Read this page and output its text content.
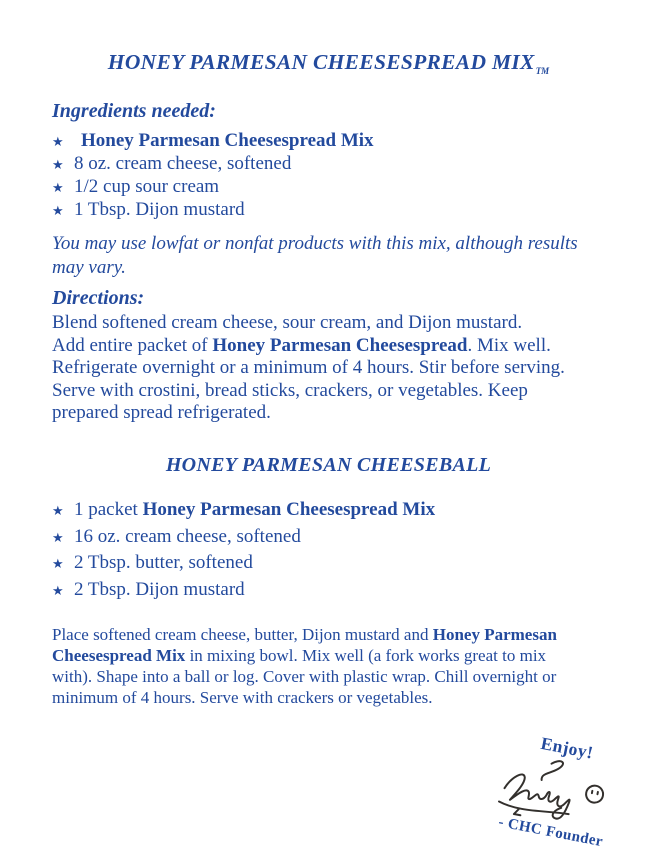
HONEY PARMESAN CHEESESPREAD $MIX_{TM}$
Ingredients needed:
★ Honey Parmesan Cheesespread Mix
★ 8 oz. cream cheese, softened
★ 1/2 cup sour cream
★ 1 Tbsp. Dijon mustard

You may use lowfat or nonfat products with this mix, although results
may vary.

Directions:

Blend softened cream cheese, sour cream, and Dijon mustard.
Add entire packet of Honey Parmesan Cheesespread. Mix well.
Refrigerate overnight or a minimum of 4 hours. Stir before serving.
Serve with crostini, bread sticks, crackers, or vegetables. Keep
prepared spread refrigerated.

HONEY PARMESAN CHEESEBALL
★ 1 packet Honey Parmesan Cheesespread Mix
★ 16 oz. cream cheese, softened
★ 2 Tbsp. butter, softened
★ 2 Tbsp. Dijon mustard

Place softened cream cheese, butter, Dijon mustard and Honey Parmesan
Cheesespread Mix in mixing bowl. Mix well (a fork works great to mix
with). Shape into a ball or log. Cover with plastic wrap. Chill overnight or
minimum of 4 hours. Serve with crackers or vegetables.

Enjoy!
- CHC Founder
